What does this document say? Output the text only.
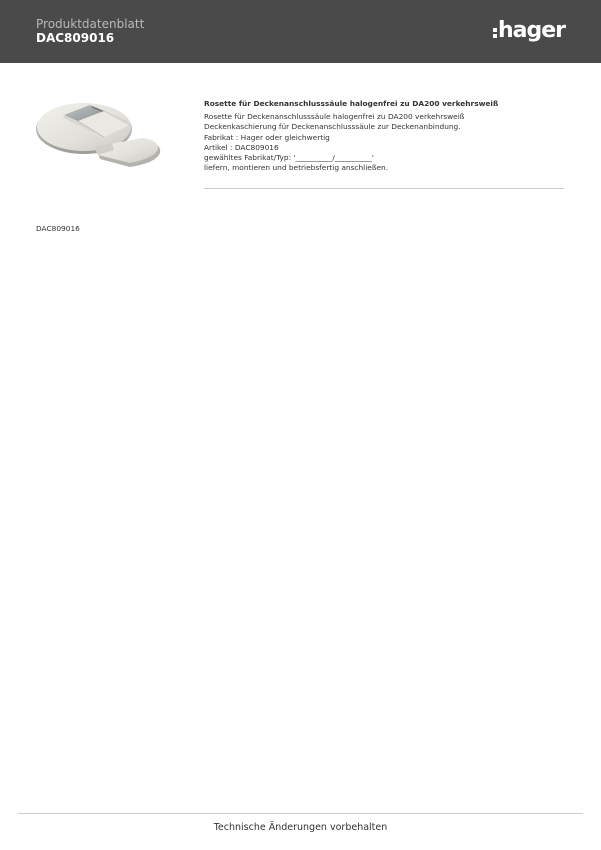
Produktdatenblatt
DAC809016	hager
Rosette für Deckenanschlusssäule halogenfrei zu DA200 verkehrsweiß
Rosette für Deckenanschlusssäule halogenfrei zu DA200 verkehrsweiß
Deckenkaschierung für Deckenanschlusssäule zur Deckenanbindung.
Fabrikat : Hager oder gleichwertig
Artikel : DAC809016
gewähltes Fabrikat/Typ: '__________/__________'
liefern, montieren und betriebsfertig anschließen.
DAC809016
Technische Änderungen vorbehalten
